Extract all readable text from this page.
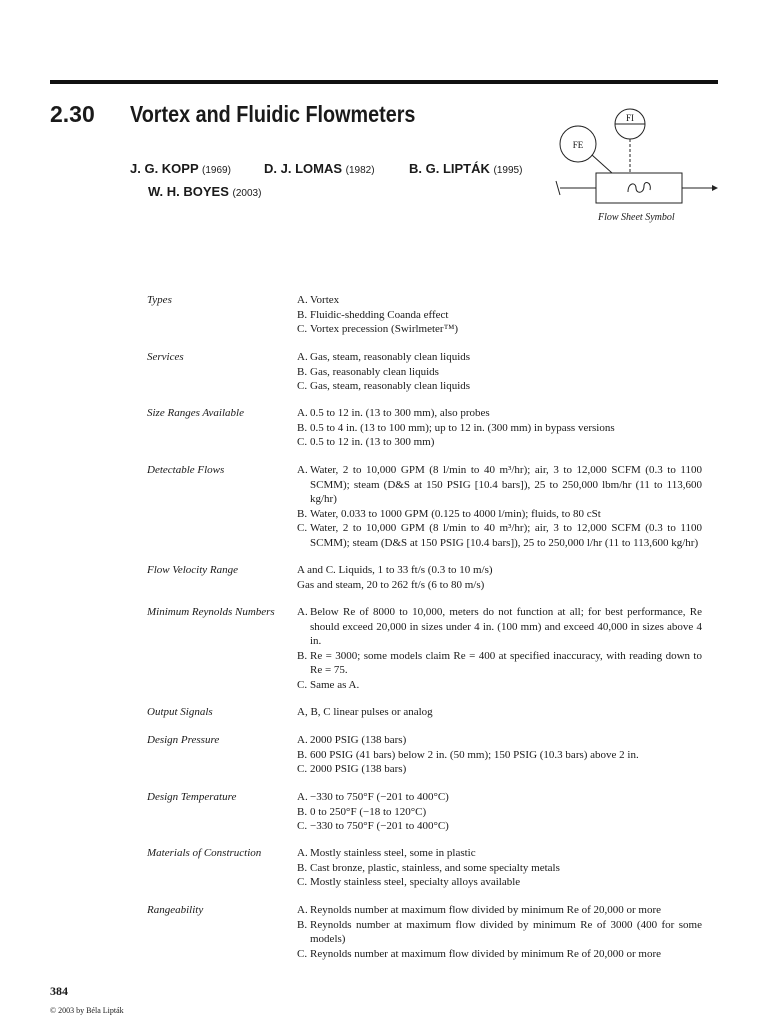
2.30 Vortex and Fluidic Flowmeters
J. G. KOPP (1969)	D. J. LOMAS (1982)	B. G. LIPTÁK (1995)
W. H. BOYES (2003)
FI
FE
Flow Sheet Symbol
Types	A. Vortex
B. Fluidic-shedding Coanda effect
C. Vortex precession (Swirlmeter™)
Services	A. Gas, steam, reasonably clean liquids
B. Gas, reasonably clean liquids
C. Gas, steam, reasonably clean liquids
Size Ranges Available	A. 0.5 to 12 in. (13 to 300 mm), also probes
B. 0.5 to 4 in. (13 to 100 mm); up to 12 in. (300 mm) in bypass versions
C. 0.5 to 12 in. (13 to 300 mm)
Detectable Flows	A. Water, 2 to 10,000 GPM (8 l/min to 40 m³/hr); air, 3 to 12,000 SCFM (0.3 to 1100 SCMM); steam (D&S at 150 PSIG [10.4 bars]), 25 to 250,000 lbm/hr (11 to 113,600 kg/hr)
B. Water, 0.033 to 1000 GPM (0.125 to 4000 l/min); fluids, to 80 cSt
C. Water, 2 to 10,000 GPM (8 l/min to 40 m³/hr); air, 3 to 12,000 SCFM (0.3 to 1100 SCMM); steam (D&S at 150 PSIG [10.4 bars]), 25 to 250,000 l/hr (11 to 113,600 kg/hr)
Flow Velocity Range	A and C. Liquids, 1 to 33 ft/s (0.3 to 10 m/s)
Gas and steam, 20 to 262 ft/s (6 to 80 m/s)
Minimum Reynolds Numbers	A. Below Re of 8000 to 10,000, meters do not function at all; for best performance, Re should exceed 20,000 in sizes under 4 in. (100 mm) and exceed 40,000 in sizes above 4 in.
B. Re = 3000; some models claim Re = 400 at specified inaccuracy, with reading down to Re = 75.
C. Same as A.
Output Signals	A, B, C linear pulses or analog
Design Pressure	A. 2000 PSIG (138 bars)
B. 600 PSIG (41 bars) below 2 in. (50 mm); 150 PSIG (10.3 bars) above 2 in.
C. 2000 PSIG (138 bars)
Design Temperature	A. −330 to 750°F (−201 to 400°C)
B. 0 to 250°F (−18 to 120°C)
C. −330 to 750°F (−201 to 400°C)
Materials of Construction	A. Mostly stainless steel, some in plastic
B. Cast bronze, plastic, stainless, and some specialty metals
C. Mostly stainless steel, specialty alloys available
Rangeability	A. Reynolds number at maximum flow divided by minimum Re of 20,000 or more
B. Reynolds number at maximum flow divided by minimum Re of 3000 (400 for some models)
C. Reynolds number at maximum flow divided by minimum Re of 20,000 or more
384
© 2003 by Béla Lipták
